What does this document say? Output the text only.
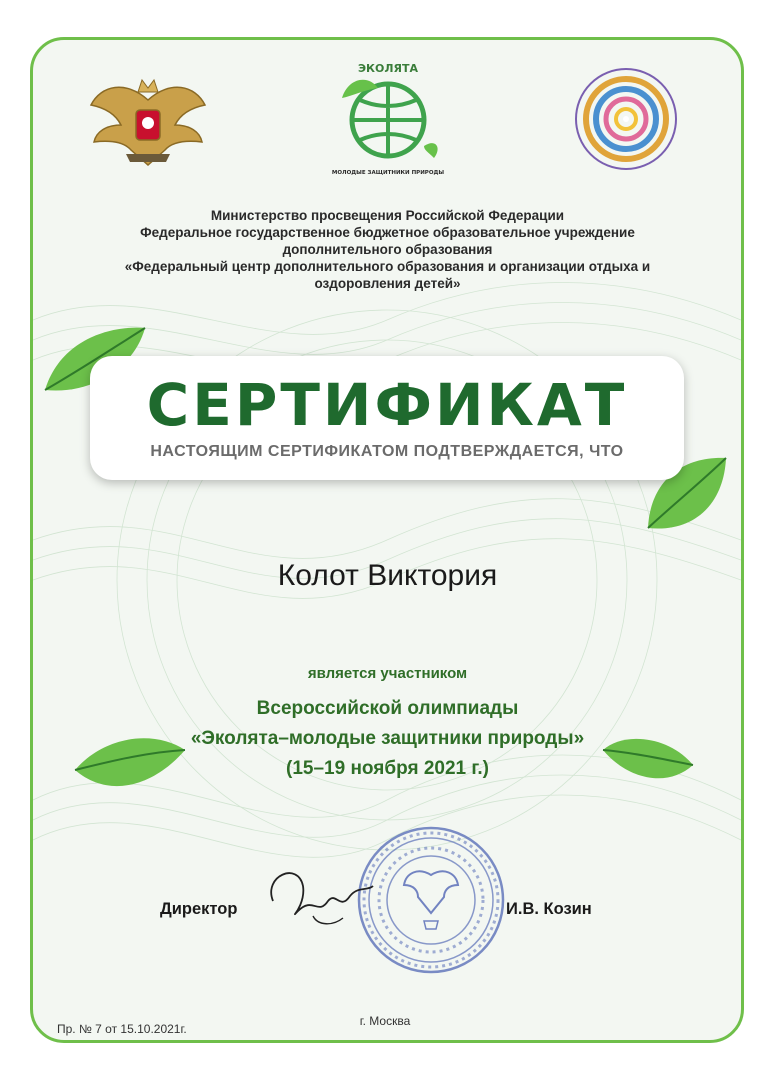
ЭКОЛЯТА
МОЛОДЫЕ ЗАЩИТНИКИ ПРИРОДЫ
Министерство просвещения Российской Федерации
Федеральное государственное бюджетное образовательное учреждение
дополнительного образования
«Федеральный центр дополнительного образования и организации отдыха и
оздоровления детей»
СЕРТИФИКАТ
НАСТОЯЩИМ СЕРТИФИКАТОМ ПОДТВЕРЖДАЕТСЯ, ЧТО
Колот Виктория
является участником
Всероссийской олимпиады
«Эколята–молодые защитники природы»
(15–19 ноября 2021 г.)
Директор	И.В. Козин
Пр. № 7 от 15.10.2021г.
г. Москва
